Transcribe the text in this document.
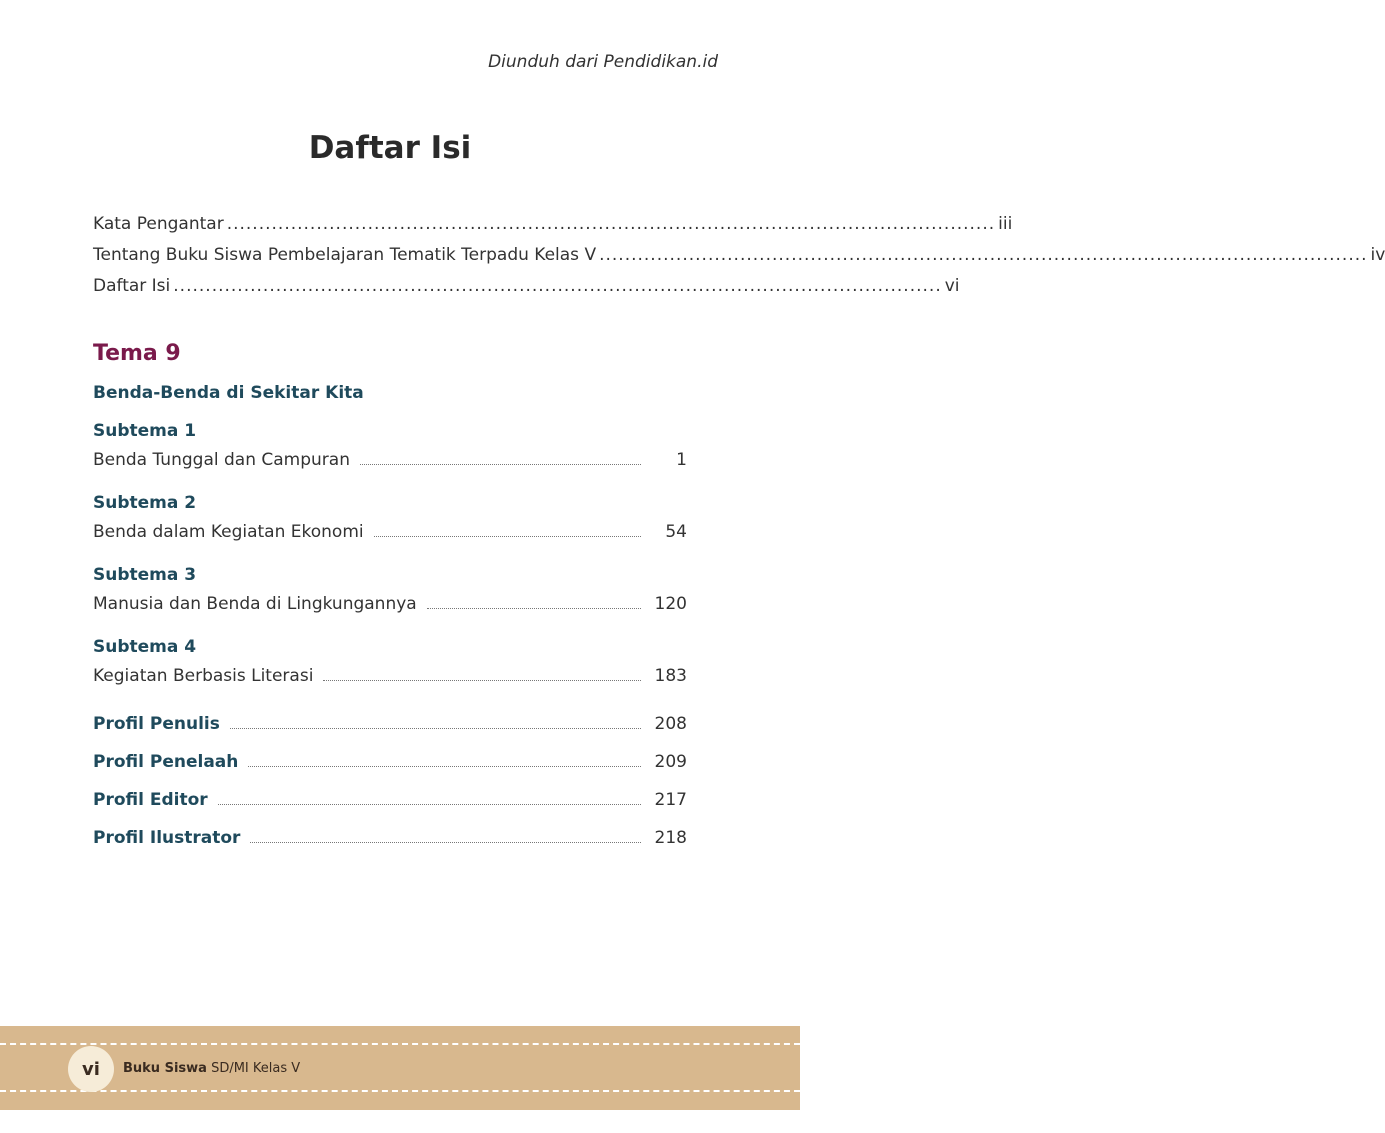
Diunduh dari Pendidikan.id
Daftar Isi
Kata Pengantar ........................................................................................................................ iii
Tentang Buku Siswa Pembelajaran Tematik Terpadu Kelas V ........................................................................................................................ iv
Daftar Isi ........................................................................................................................ vi
Tema 9
Benda-Benda di Sekitar Kita
Subtema 1
Benda Tunggal dan Campuran	1
Subtema 2
Benda dalam Kegiatan Ekonomi	54
Subtema 3
Manusia dan Benda di Lingkungannya	120
Subtema 4
Kegiatan Berbasis Literasi	183
Profil Penulis	208
Profil Penelaah	209
Profil Editor	217
Profil Ilustrator	218
vi	Buku Siswa SD/MI Kelas V
